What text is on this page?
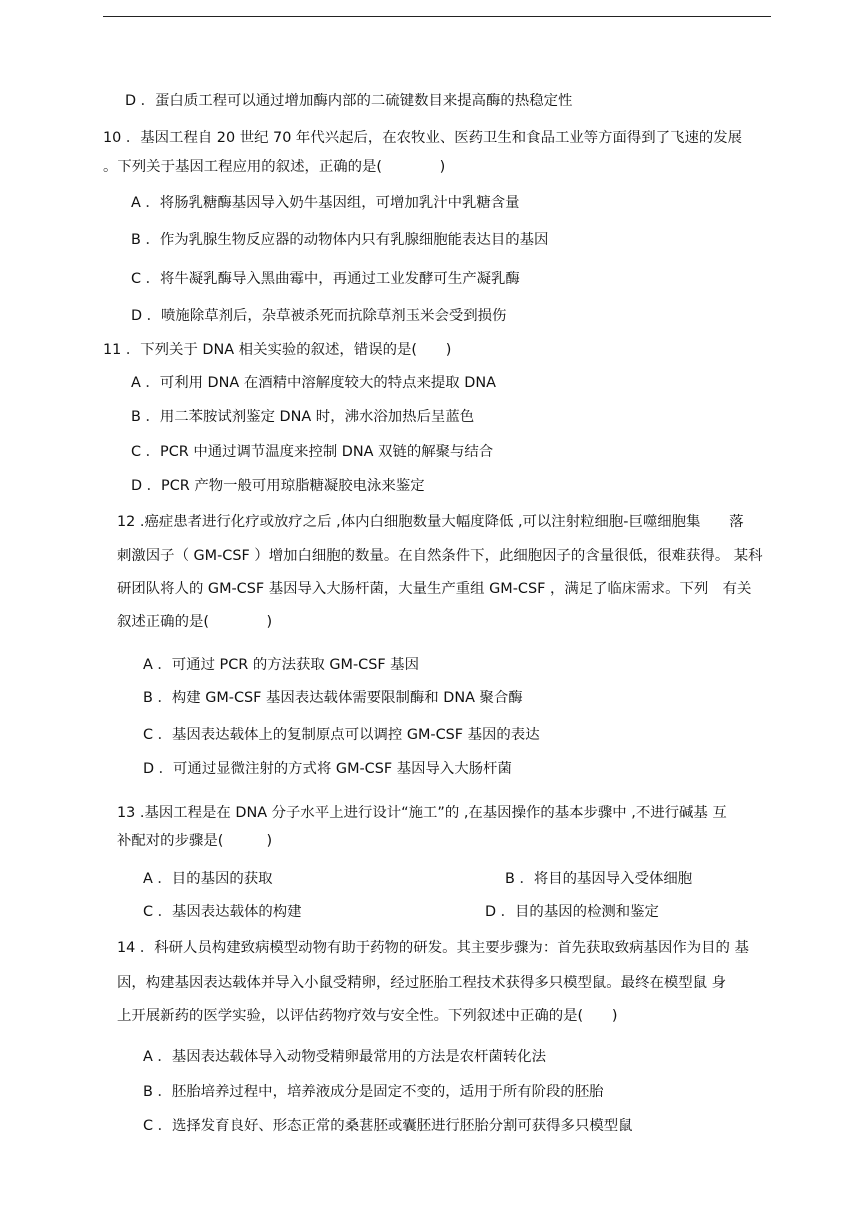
D ．蛋白质工程可以通过增加酶内部的二硫键数目来提高酶的热稳定性
10 ．基因工程自 20 世纪 70 年代兴起后，在农牧业、医药卫生和食品工业等方面得到了飞速的发展
。下列关于基因工程应用的叙述，正确的是(　　　　)
A ．将肠乳糖酶基因导入奶牛基因组，可增加乳汁中乳糖含量
B ．作为乳腺生物反应器的动物体内只有乳腺细胞能表达目的基因
C ．将牛凝乳酶导入黑曲霉中，再通过工业发酵可生产凝乳酶
D ．喷施除草剂后，杂草被杀死而抗除草剂玉米会受到损伤
11 ．下列关于 DNA 相关实验的叙述，错误的是(　　)
A ．可利用 DNA 在酒精中溶解度较大的特点来提取 DNA
B ．用二苯胺试剂鉴定 DNA 时，沸水浴加热后呈蓝色
C ．PCR 中通过调节温度来控制 DNA 双链的解聚与结合
D ．PCR 产物一般可用琼脂糖凝胶电泳来鉴定
12 .癌症患者进行化疗或放疗之后 ,体内白细胞数量大幅度降低 ,可以注射粒细胞-巨噬细胞集　　落
刺激因子（ GM-CSF ）增加白细胞的数量。在自然条件下，此细胞因子的含量很低，很难获得。 某科
研团队将人的 GM-CSF 基因导入大肠杆菌，大量生产重组 GM-CSF ，满足了临床需求。下列　有关
叙述正确的是(　　　　)
A ．可通过 PCR 的方法获取 GM-CSF 基因
B ．构建 GM-CSF 基因表达载体需要限制酶和 DNA 聚合酶
C ．基因表达载体上的复制原点可以调控 GM-CSF 基因的表达
D ．可通过显微注射的方式将 GM-CSF 基因导入大肠杆菌
13 .基因工程是在 DNA 分子水平上进行设计“施工”的 ,在基因操作的基本步骤中 ,不进行碱基 互
补配对的步骤是(　　　)
A ．目的基因的获取	B ．将目的基因导入受体细胞
C ．基因表达载体的构建	D ．目的基因的检测和鉴定
14 ．科研人员构建致病模型动物有助于药物的研发。其主要步骤为：首先获取致病基因作为目的 基
因，构建基因表达载体并导入小鼠受精卵，经过胚胎工程技术获得多只模型鼠。最终在模型鼠 身
上开展新药的医学实验，以评估药物疗效与安全性。下列叙述中正确的是(　　)
A ．基因表达载体导入动物受精卵最常用的方法是农杆菌转化法
B ．胚胎培养过程中，培养液成分是固定不变的，适用于所有阶段的胚胎
C ．选择发育良好、形态正常的桑葚胚或囊胚进行胚胎分割可获得多只模型鼠
